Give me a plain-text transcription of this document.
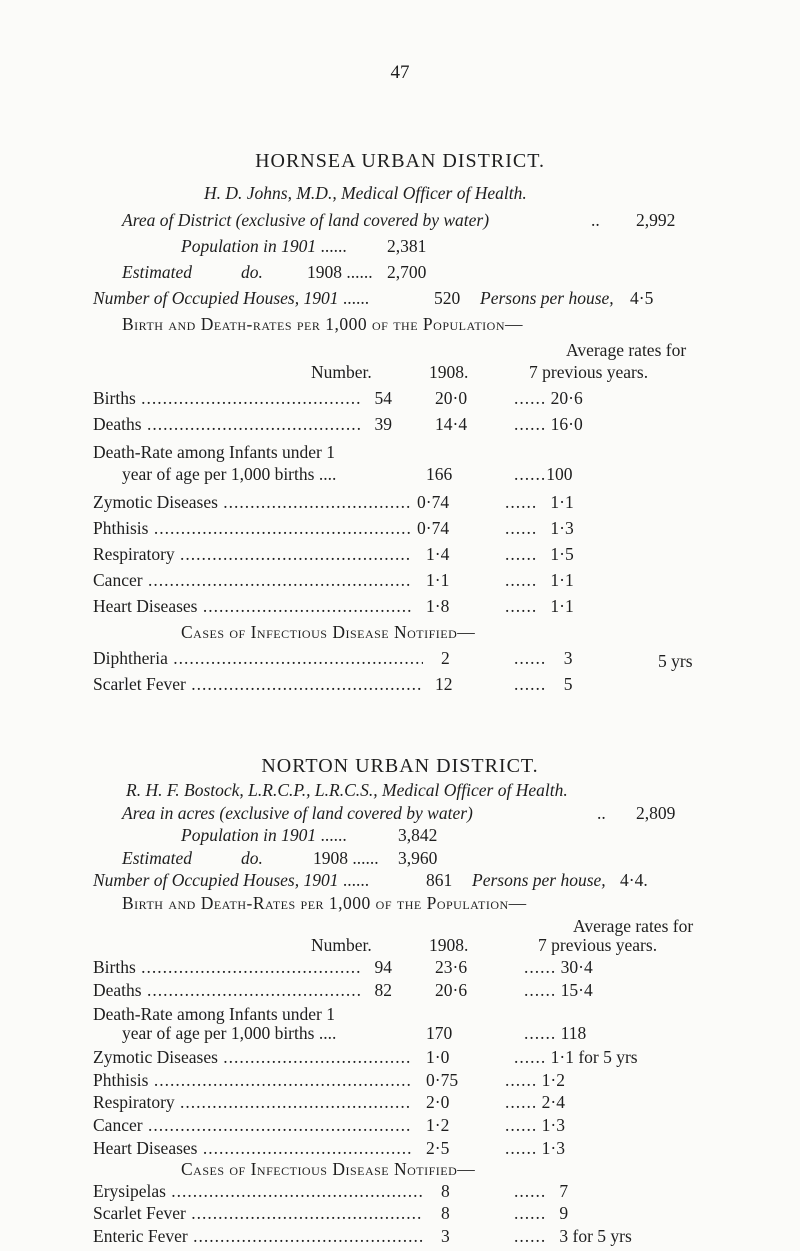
47
HORNSEA URBAN DISTRICT.
H. D. Johns, M.D., Medical Officer of Health.
Area of District (exclusive of land covered by water)	.. 2,992
Population in 1901 ...... 2,381
Estimated	do.	1908 ...... 2,700
Number of Occupied Houses, 1901 ......	520 Persons per house, 4·5
Birth and Death-rates per 1,000 of the Population—
Average rates for
Number.	1908.	7 previous years.
Births .....	54 20·0	...... 20·6
Deaths .....	39 14·4	...... 16·0
Death-Rate among Infants under 1
year of age per 1,000 births ....	166	......100
Zymotic Diseases .....	0·74	...... 1·1
Phthisis .....	0·74	...... 1·3
Respiratory .....	1·4	...... 1·5
Cancer .....	1·1	...... 1·1
Heart Diseases .....	1·8	...... 1·1
Cases of Infectious Disease Notified—
Diphtheria .....	2	...... 3	5 yrs
Scarlet Fever .....	12	...... 5
NORTON URBAN DISTRICT.
R. H. F. Bostock, L.R.C.P., L.R.C.S., Medical Officer of Health.
Area in acres (exclusive of land covered by water)	.. 2,809
Population in 1901 ......	3,842
Estimated	do.	1908 ...... 3,960
Number of Occupied Houses, 1901 ......	861 Persons per house, 4·4.
Birth and Death-Rates per 1,000 of the Population—
Average rates for
Number.	1908.	7 previous years.
Births .....	94 23·6	...... 30·4
Deaths .....	82 20·6	...... 15·4
Death-Rate among Infants under 1
year of age per 1,000 births ....	170	...... 118
Zymotic Diseases .....	1·0	...... 1·1 for 5 yrs
Phthisis .....	0·75	...... 1·2
Respiratory .....	2·0	...... 2·4
Cancer .....	1·2	...... 1·3
Heart Diseases .....	2·5	...... 1·3
Cases of Infectious Disease Notified—
Erysipelas .....	8	...... 7
Scarlet Fever .....	8	...... 9
Enteric Fever .....	3	...... 3 for 5 yrs
